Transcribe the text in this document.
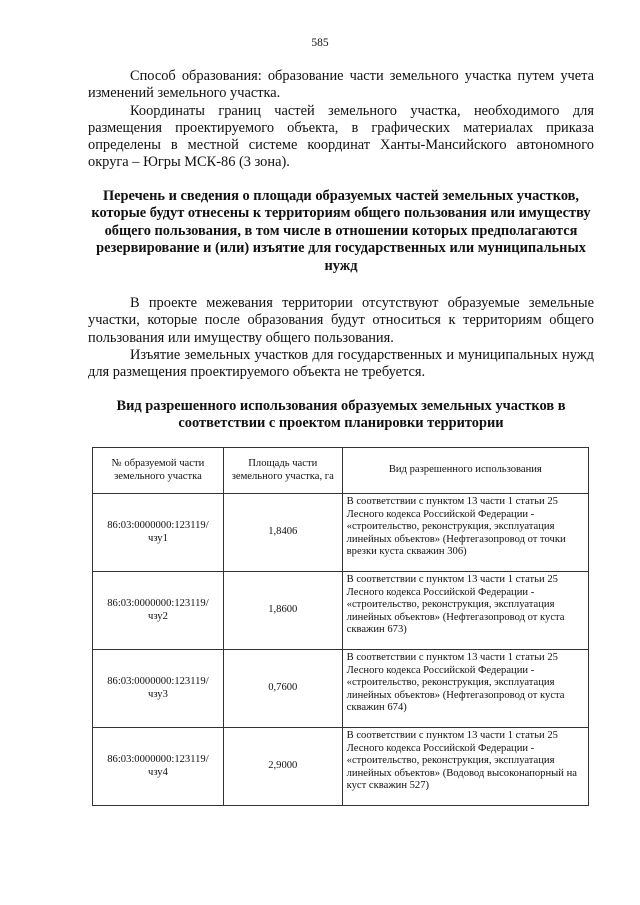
585

Способ образования: образование части земельного участка путем учета изменений земельного участка.

Координаты границ частей земельного участка, необходимого для размещения проектируемого объекта, в графических материалах приказа определены в местной системе координат Ханты-Мансийского автономного округа – Югры МСК-86 (3 зона).

Перечень и сведения о площади образуемых частей земельных участков, которые будут отнесены к территориям общего пользования или имуществу общего пользования, в том числе в отношении которых предполагаются резервирование и (или) изъятие для государственных или муниципальных нужд

В проекте межевания территории отсутствуют образуемые земельные участки, которые после образования будут относиться к территориям общего пользования или имуществу общего пользования.

Изъятие земельных участков для государственных и муниципальных нужд для размещения проектируемого объекта не требуется.

Вид разрешенного использования образуемых земельных участков в соответствии с проектом планировки территории
№ образуемой части земельного участка	Площадь части земельного участка, га	Вид разрешенного использования
86:03:0000000:123119/ чзу1	1,8406	В соответствии с пунктом 13 части 1 статьи 25 Лесного кодекса Российской Федерации - «строительство, реконструкция, эксплуатация линейных объектов» (Нефтегазопровод от точки врезки куста скважин 306)
86:03:0000000:123119/ чзу2	1,8600	В соответствии с пунктом 13 части 1 статьи 25 Лесного кодекса Российской Федерации - «строительство, реконструкция, эксплуатация линейных объектов» (Нефтегазопровод от куста скважин 673)
86:03:0000000:123119/ чзу3	0,7600	В соответствии с пунктом 13 части 1 статьи 25 Лесного кодекса Российской Федерации - «строительство, реконструкция, эксплуатация линейных объектов» (Нефтегазопровод от куста скважин 674)
86:03:0000000:123119/ чзу4	2,9000	В соответствии с пунктом 13 части 1 статьи 25 Лесного кодекса Российской Федерации - «строительство, реконструкция, эксплуатация линейных объектов» (Водовод высоконапорный на куст скважин 527)
